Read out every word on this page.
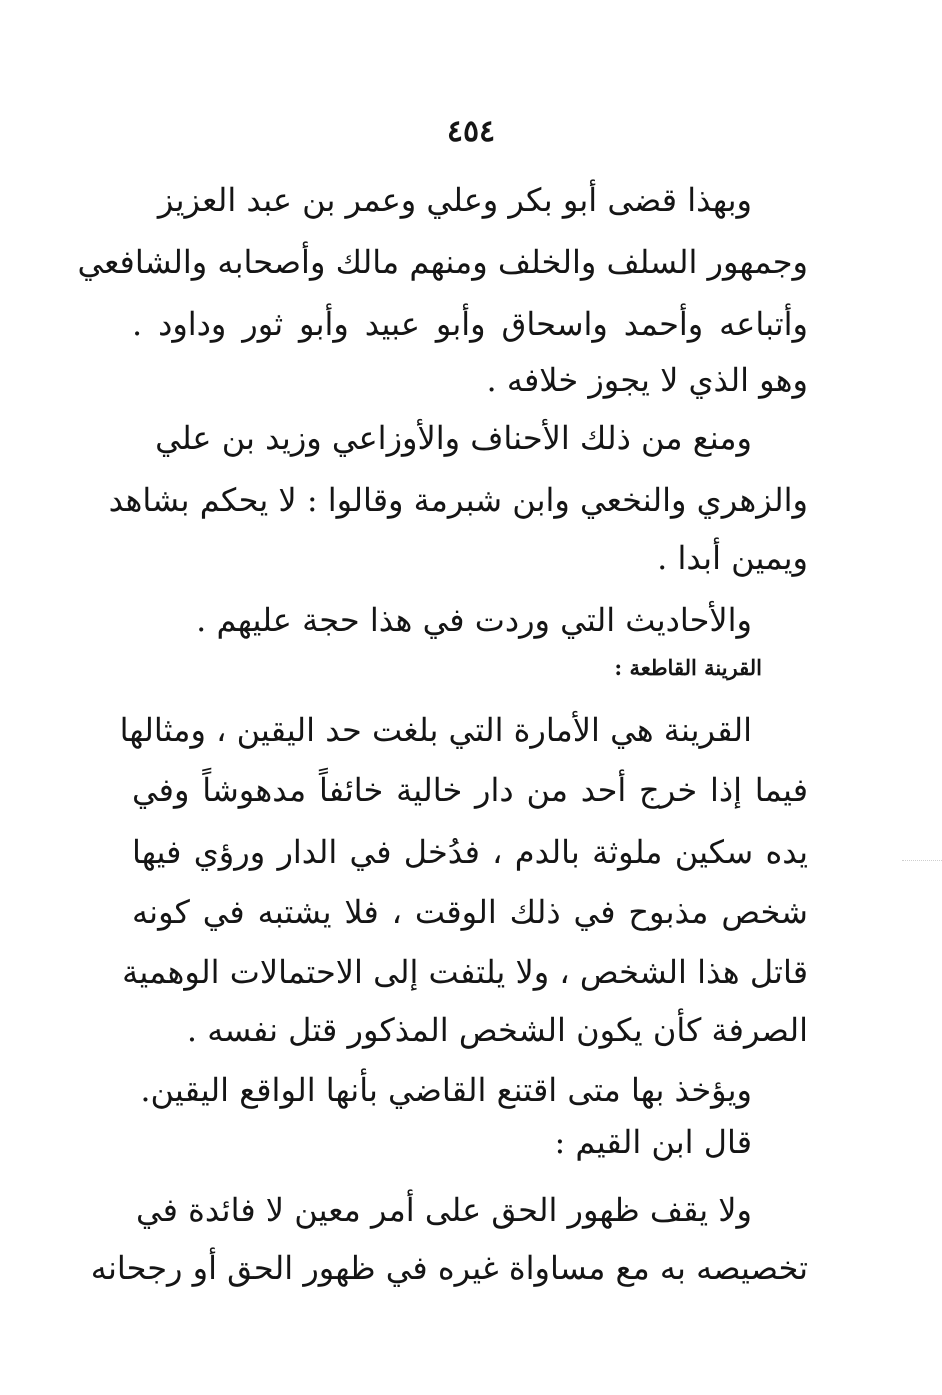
٤٥٤
وبهذا قضى أبو بكر وعلي وعمر بن عبد العزيز
وجمهور السلف والخلف ومنهم مالك وأصحابه والشافعي
وأتباعه وأحمد واسحاق وأبو عبيد وأبو ثور وداود .
وهو الذي لا يجوز خلافه .
ومنع من ذلك الأحناف والأوزاعي وزيد بن علي
والزهري والنخعي وابن شبرمة وقالوا : لا يحكم بشاهد
ويمين أبدا .
والأحاديث التي وردت في هذا حجة عليهم .
القرينة القاطعة :
القرينة هي الأمارة التي بلغت حد اليقين ، ومثالها
فيما إذا خرج أحد من دار خالية خائفاً مدهوشاً وفي
يده سكين ملوثة بالدم ، فدُخل في الدار ورؤي فيها
شخص مذبوح في ذلك الوقت ، فلا يشتبه في كونه
قاتل هذا الشخص ، ولا يلتفت إلى الاحتمالات الوهمية
الصرفة كأن يكون الشخص المذكور قتل نفسه .
ويؤخذ بها متى اقتنع القاضي بأنها الواقع اليقين.
قال ابن القيم :
ولا يقف ظهور الحق على أمر معين لا فائدة في
تخصيصه به مع مساواة غيره في ظهور الحق أو رجحانه
